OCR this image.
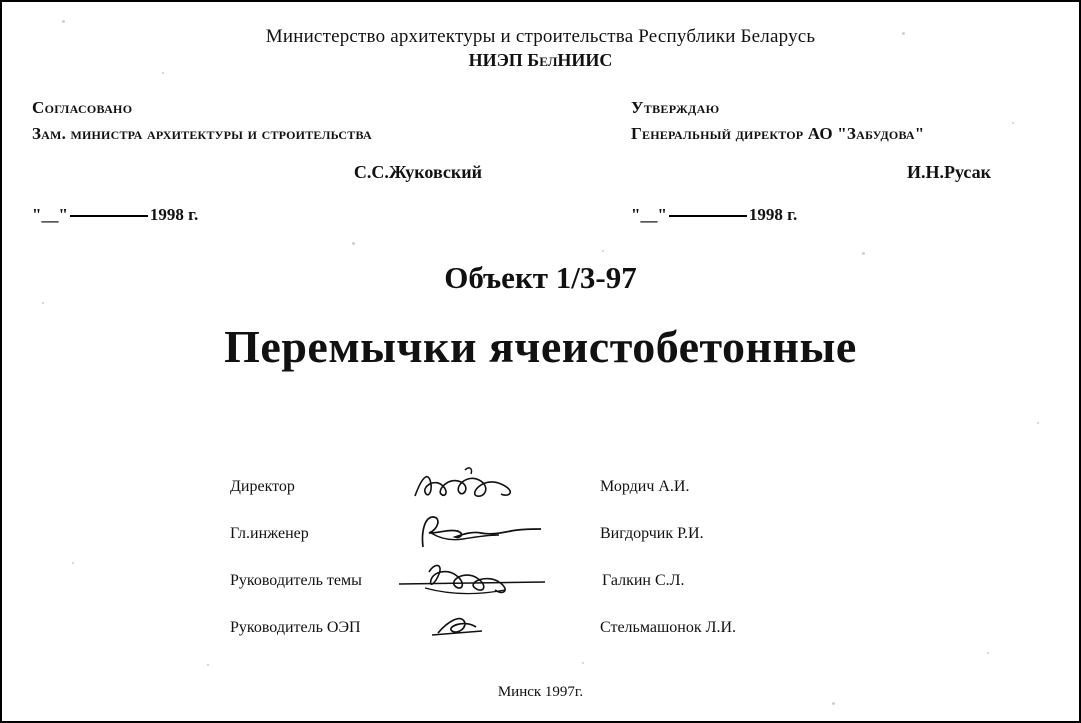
Министерство архитектуры и строительства Республики Беларусь
НИЭП БелНИИС
Согласовано
Зам. министра архитектуры и строительства
С.С.Жуковский
"__"	1998 г.
Утверждаю
Генеральный директор АО "Забудова"
И.Н.Русак
"__"	1998 г.
Объект 1/3-97
Перемычки ячеистобетонные
Директор	Мордич А.И.
Гл.инженер	Вигдорчик Р.И.
Руководитель темы	Галкин С.Л.
Руководитель ОЭП	Стельмашонок Л.И.
Минск 1997г.
